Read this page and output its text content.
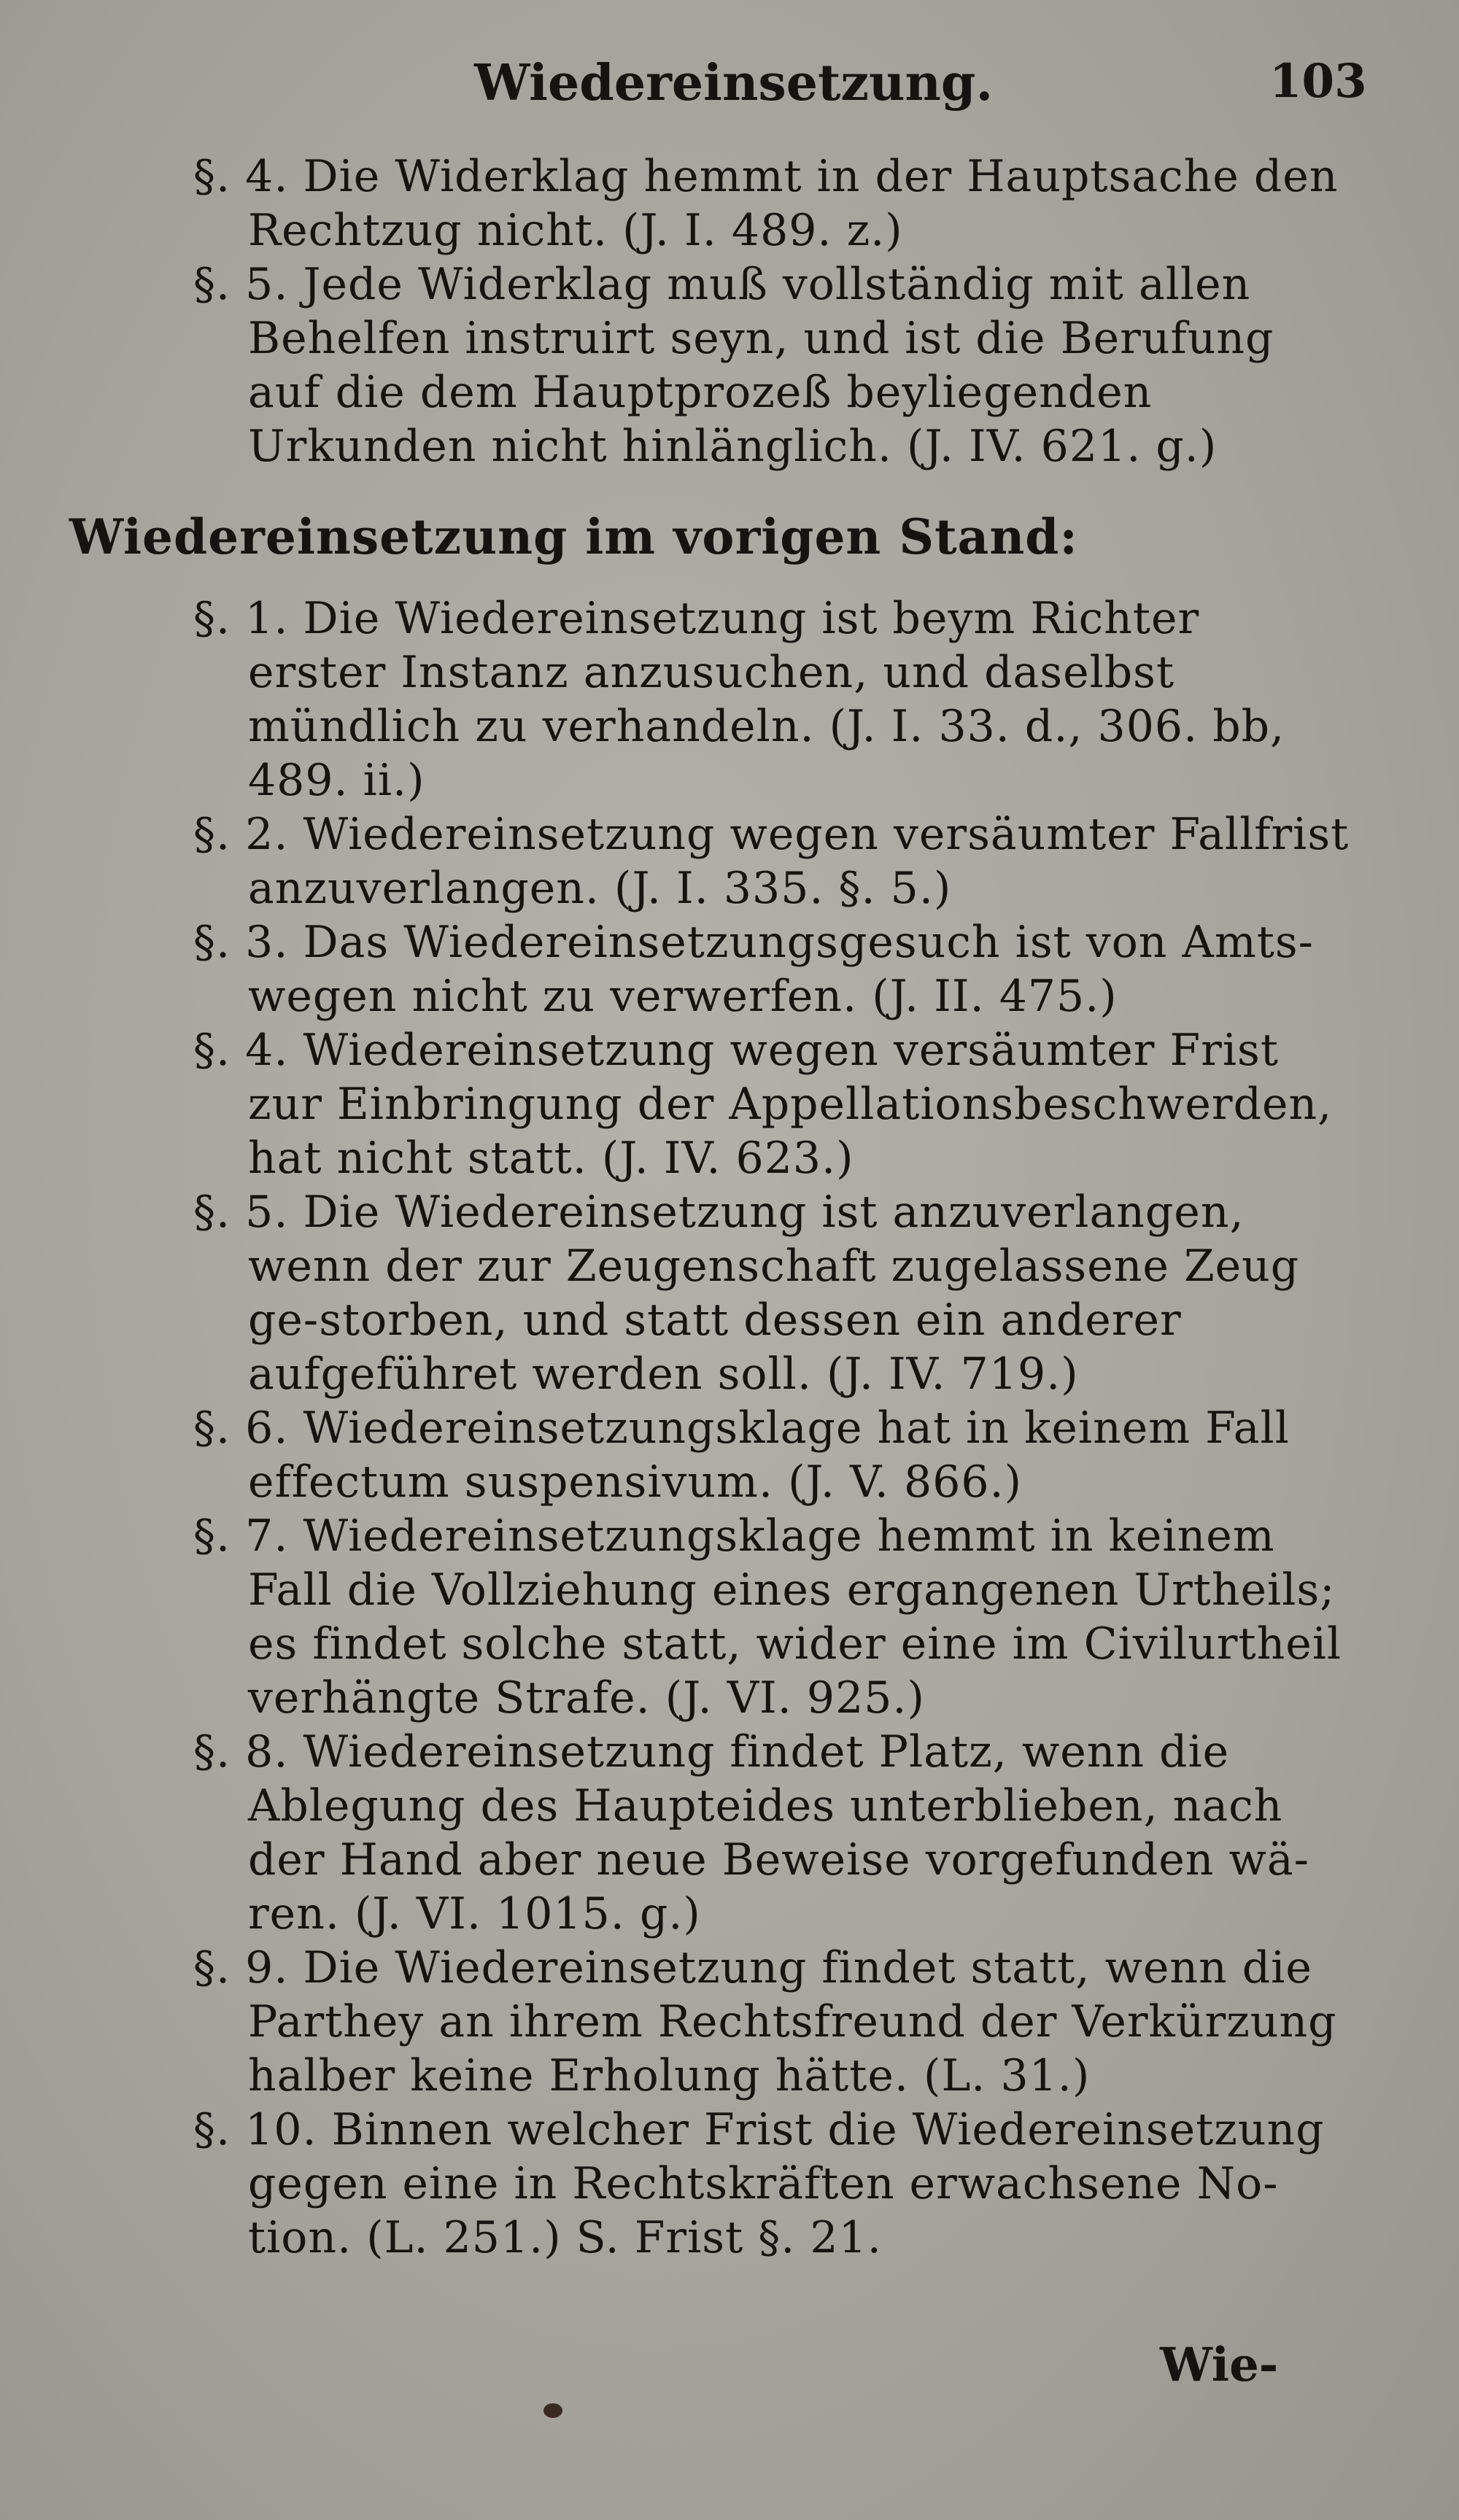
Wiedereinsetzung.	103

§. 4. Die Widerklag hemmt in der Hauptsache den Rechtzug nicht. (J. I. 489. z.)

§. 5. Jede Widerklag muß vollständig mit allen Behelfen instruirt seyn, und ist die Berufung auf die dem Hauptprozeß beyliegenden Urkunden nicht hinlänglich. (J. IV. 621. g.)

Wiedereinsetzung im vorigen Stand:

§. 1. Die Wiedereinsetzung ist beym Richter erster Instanz anzusuchen, und daselbst mündlich zu verhandeln. (J. I. 33. d., 306. bb, 489. ii.)

§. 2. Wiedereinsetzung wegen versäumter Fallfrist anzuverlangen. (J. I. 335. §. 5.)

§. 3. Das Wiedereinsetzungsgesuch ist von Amts-wegen nicht zu verwerfen. (J. II. 475.)

§. 4. Wiedereinsetzung wegen versäumter Frist zur Einbringung der Appellationsbeschwerden, hat nicht statt. (J. IV. 623.)

§. 5. Die Wiedereinsetzung ist anzuverlangen, wenn der zur Zeugenschaft zugelassene Zeug ge-storben, und statt dessen ein anderer aufgeführet werden soll. (J. IV. 719.)

§. 6. Wiedereinsetzungsklage hat in keinem Fall effectum suspensivum. (J. V. 866.)

§. 7. Wiedereinsetzungsklage hemmt in keinem Fall die Vollziehung eines ergangenen Urtheils; es findet solche statt, wider eine im Civilurtheil verhängte Strafe. (J. VI. 925.)

§. 8. Wiedereinsetzung findet Platz, wenn die Ablegung des Haupteides unterblieben, nach der Hand aber neue Beweise vorgefunden wä-ren. (J. VI. 1015. g.)

§. 9. Die Wiedereinsetzung findet statt, wenn die Parthey an ihrem Rechtsfreund der Verkürzung halber keine Erholung hätte. (L. 31.)

§. 10. Binnen welcher Frist die Wiedereinsetzung gegen eine in Rechtskräften erwachsene No-tion. (L. 251.) S. Frist §. 21.

Wie-
